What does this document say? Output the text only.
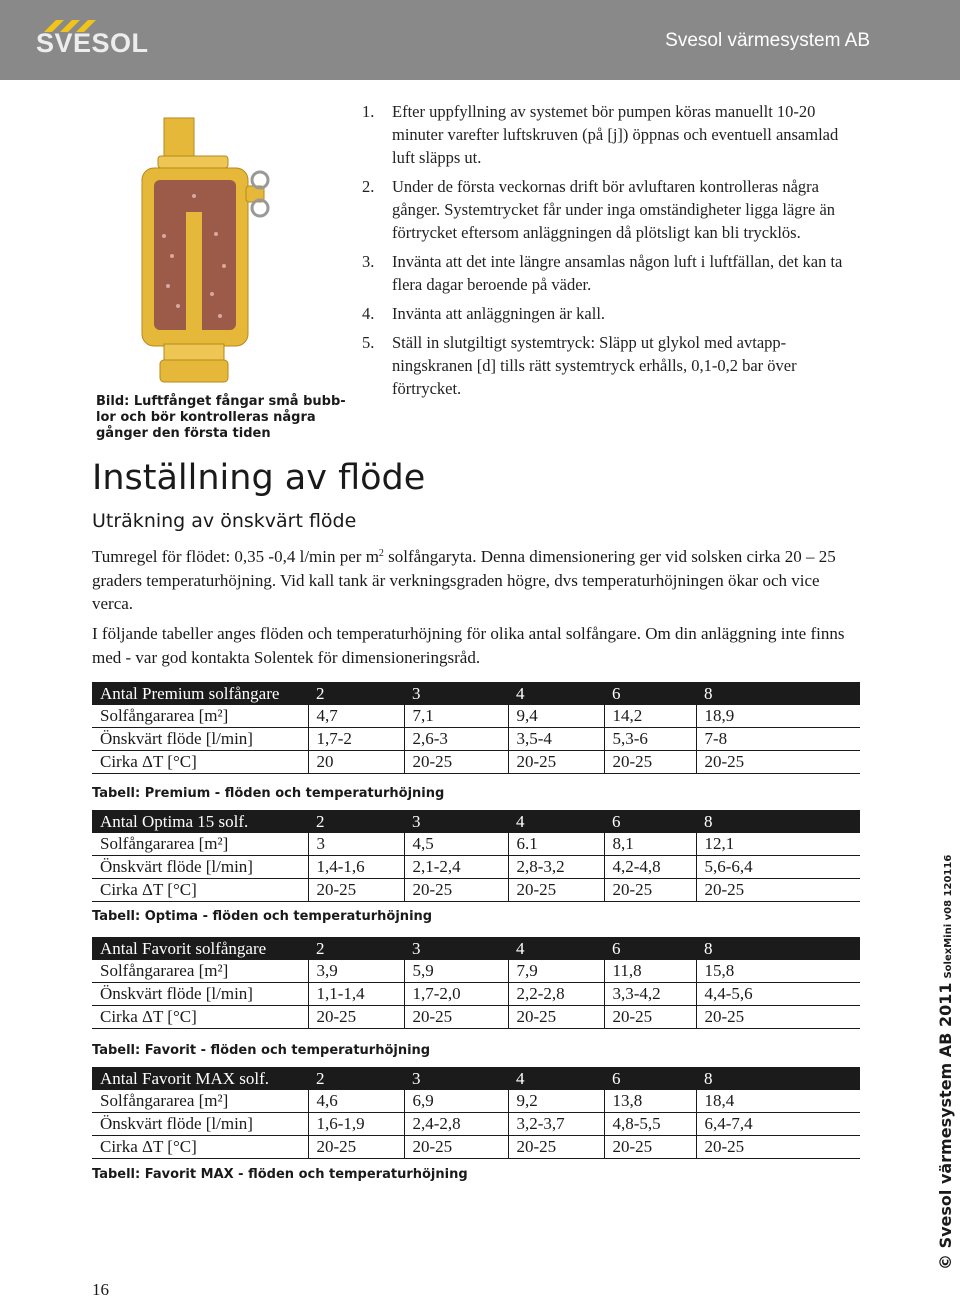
SVESOL	Svesol värmesystem AB
Bild: Luftfånget fångar små bubb- lor och bör kontrolleras några gånger den första tiden
1. Efter uppfyllning av systemet bör pumpen köras manuellt 10-20 minuter varefter luftskruven (på [j]) öppnas och eventuell ansamlad luft släpps ut.
2. Under de första veckornas drift bör avluftaren kontrolleras några gånger. Systemtrycket får under inga omständigheter ligga lägre än förtrycket eftersom anläggningen då plötsligt kan bli trycklös.
3. Invänta att det inte längre ansamlas någon luft i luftfällan, det kan ta flera dagar beroende på väder.
4. Invänta att anläggningen är kall.
5. Ställ in slutgiltigt systemtryck: Släpp ut glykol med avtapp-ningskranen [d] tills rätt systemtryck erhålls, 0,1-0,2 bar över förtrycket.
Inställning av flöde
Uträkning av önskvärt flöde

Tumregel för flödet: 0,35 -0,4 l/min per $m^2$ solfångaryta. Denna dimensionering ger vid solsken cirka 20 – 25 graders temperaturhöjning. Vid kall tank är verkningsgraden högre, dvs temperaturhöjningen ökar och vice verca.

I följande tabeller anges flöden och temperaturhöjning för olika antal solfångare. Om din anläggning inte finns med - var god kontakta Solentek för dimensioneringsråd.

Antal Premium solfångare	2	3	4	6	8
Solfångararea [m²]	4,7	7,1	9,4	14,2	18,9
Önskvärt flöde [l/min]	1,7-2	2,6-3	3,5-4	5,3-6	7-8
Cirka ΔT [°C]	20	20-25	20-25	20-25	20-25
Tabell: Premium - flöden och temperaturhöjning
Antal Optima 15 solf.	2	3	4	6	8
Solfångararea [m²]	3	4,5	6.1	8,1	12,1
Önskvärt flöde [l/min]	1,4-1,6	2,1-2,4	2,8-3,2	4,2-4,8	5,6-6,4
Cirka ΔT [°C]	20-25	20-25	20-25	20-25	20-25
Tabell: Optima - flöden och temperaturhöjning
Antal Favorit solfångare	2	3	4	6	8
Solfångararea [m²]	3,9	5,9	7,9	11,8	15,8
Önskvärt flöde [l/min]	1,1-1,4	1,7-2,0	2,2-2,8	3,3-4,2	4,4-5,6
Cirka ΔT [°C]	20-25	20-25	20-25	20-25	20-25
Tabell: Favorit - flöden och temperaturhöjning
Antal Favorit MAX solf.	2	3	4	6	8
Solfångararea [m²]	4,6	6,9	9,2	13,8	18,4
Önskvärt flöde [l/min]	1,6-1,9	2,4-2,8	3,2-3,7	4,8-5,5	6,4-7,4
Cirka ΔT [°C]	20-25	20-25	20-25	20-25	20-25
Tabell: Favorit MAX - flöden och temperaturhöjning	© Svesol värmesystem AB 2011SolexMini v08 120116
16
